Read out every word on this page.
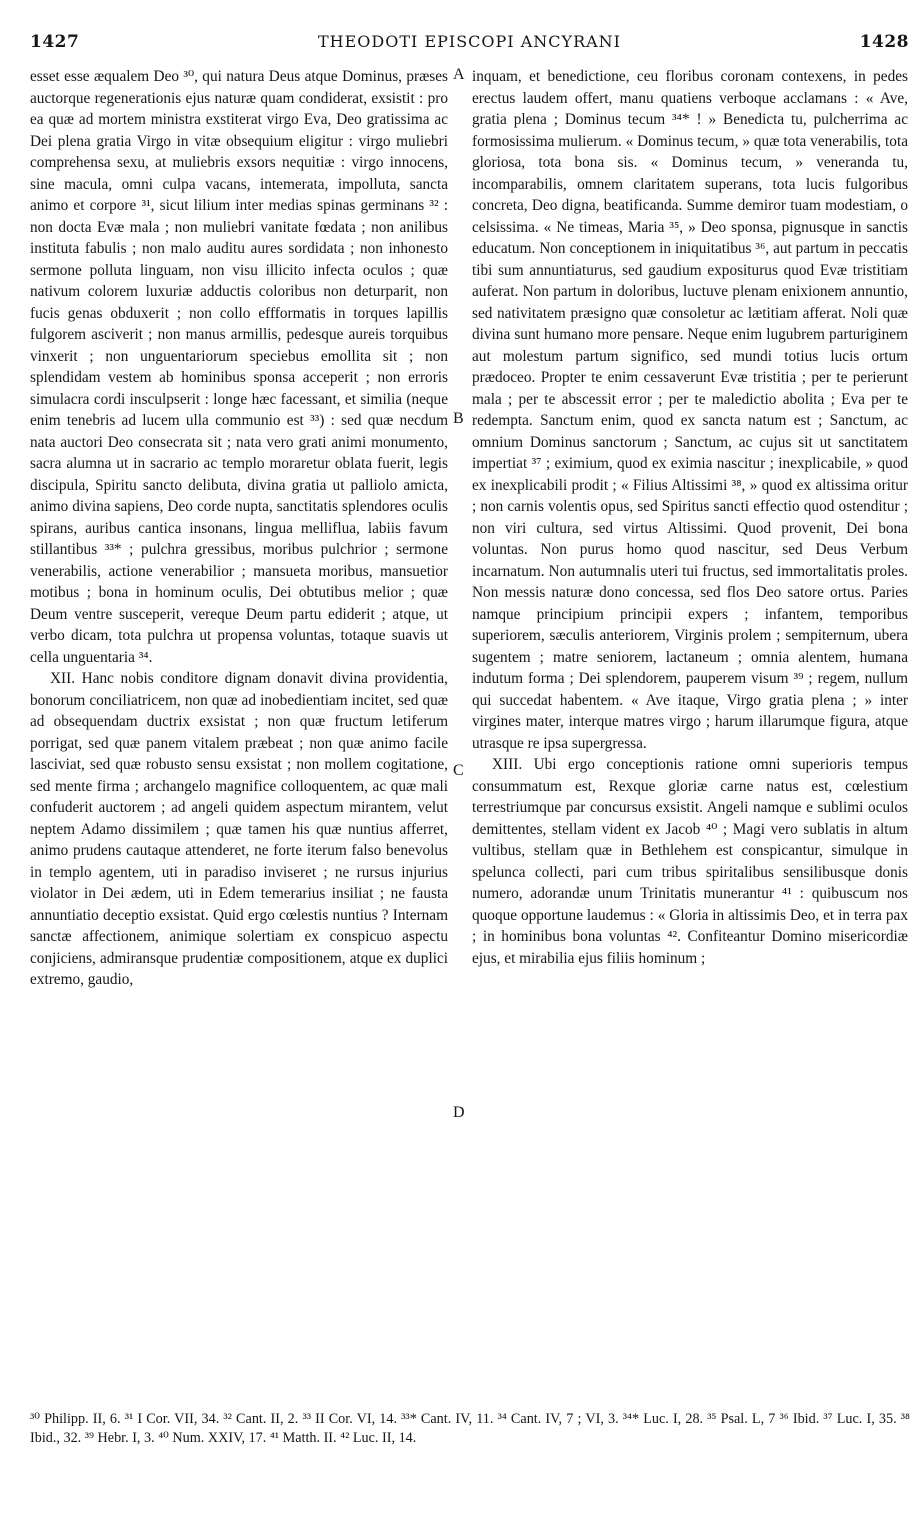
1427	THEODOTI EPISCOPI ANCYRANI	1428

esset esse æqualem Deo ³⁰, qui natura Deus atque Dominus, præses auctorque regenerationis ejus naturæ quam condiderat, exsistit : pro ea quæ ad mortem ministra exstiterat virgo Eva, Deo gratissima ac Dei plena gratia Virgo in vitæ obsequium eligitur : virgo muliebri comprehensa sexu, at muliebris exsors nequitiæ : virgo innocens, sine macula, omni culpa vacans, intemerata, impolluta, sancta animo et corpore ³¹, sicut lilium inter medias spinas germinans ³² : non docta Evæ mala ; non muliebri vanitate fœdata ; non anilibus instituta fabulis ; non malo auditu aures sordidata ; non inhonesto sermone polluta linguam, non visu illicito infecta oculos ; quæ nativum colorem luxuriæ adductis coloribus non deturparit, non fucis genas obduxerit ; non collo effformatis in torques lapillis fulgorem asciverit ; non manus armillis, pedesque aureis torquibus vinxerit ; non unguentariorum speciebus emollita sit ; non splendidam vestem ab hominibus sponsa acceperit ; non erroris simulacra cordi insculpserit : longe hæc facessant, et similia (neque enim tenebris ad lucem ulla communio est ³³) : sed quæ necdum nata auctori Deo consecrata sit ; nata vero grati animi monumento, sacra alumna ut in sacrario ac templo moraretur oblata fuerit, legis discipula, Spiritu sancto delibuta, divina gratia ut palliolo amicta, animo divina sapiens, Deo corde nupta, sanctitatis splendores oculis spirans, auribus cantica insonans, lingua melliflua, labiis favum stillantibus ³³* ; pulchra gressibus, moribus pulchrior ; sermone venerabilis, actione venerabilior ; mansueta moribus, mansuetior motibus ; bona in hominum oculis, Dei obtutibus melior ; quæ Deum ventre susceperit, vereque Deum partu ediderit ; atque, ut verbo dicam, tota pulchra ut propensa voluntas, totaque suavis ut cella unguentaria ³⁴.

XII. Hanc nobis conditore dignam donavit divina providentia, bonorum conciliatricem, non quæ ad inobedientiam incitet, sed quæ ad obsequendam ductrix exsistat ; non quæ fructum letiferum porrigat, sed quæ panem vitalem præbeat ; non quæ animo facile lasciviat, sed quæ robusto sensu exsistat ; non mollem cogitatione, sed mente firma ; archangelo magnifice colloquentem, ac quæ mali confuderit auctorem ; ad angeli quidem aspectum mirantem, velut neptem Adamo dissimilem ; quæ tamen his quæ nuntius afferret, animo prudens cautaque attenderet, ne forte iterum falso benevolus in templo agentem, uti in paradiso inviseret ; ne rursus injurius violator in Dei ædem, uti in Edem temerarius insiliat ; ne fausta annuntiatio deceptio exsistat. Quid ergo cœlestis nuntius ? Internam sanctæ affectionem, animique solertiam ex conspicuo aspectu conjiciens, admiransque prudentiæ compositionem, atque ex duplici extremo, gaudio,

A
B
C
D

inquam, et benedictione, ceu floribus coronam contexens, in pedes erectus laudem offert, manu quatiens verboque acclamans : « Ave, gratia plena ; Dominus tecum ³⁴* ! » Benedicta tu, pulcherrima ac formosissima mulierum. « Dominus tecum, » quæ tota venerabilis, tota gloriosa, tota bona sis. « Dominus tecum, » veneranda tu, incomparabilis, omnem claritatem superans, tota lucis fulgoribus concreta, Deo digna, beatificanda. Summe demiror tuam modestiam, o celsissima. « Ne timeas, Maria ³⁵, » Deo sponsa, pignusque in sanctis educatum. Non conceptionem in iniquitatibus ³⁶, aut partum in peccatis tibi sum annuntiaturus, sed gaudium expositurus quod Evæ tristitiam auferat. Non partum in doloribus, luctuve plenam enixionem annuntio, sed nativitatem præsigno quæ consoletur ac lætitiam afferat. Noli quæ divina sunt humano more pensare. Neque enim lugubrem parturiginem aut molestum partum significo, sed mundi totius lucis ortum prædoceo. Propter te enim cessaverunt Evæ tristitia ; per te perierunt mala ; per te abscessit error ; per te maledictio abolita ; Eva per te redempta. Sanctum enim, quod ex sancta natum est ; Sanctum, ac omnium Dominus sanctorum ; Sanctum, ac cujus sit ut sanctitatem impertiat ³⁷ ; eximium, quod ex eximia nascitur ; inexplicabile, » quod ex inexplicabili prodit ; « Filius Altissimi ³⁸, » quod ex altissima oritur ; non carnis volentis opus, sed Spiritus sancti effectio quod ostenditur ; non viri cultura, sed virtus Altissimi. Quod provenit, Dei bona voluntas. Non purus homo quod nascitur, sed Deus Verbum incarnatum. Non autumnalis uteri tui fructus, sed immortalitatis proles. Non messis naturæ dono concessa, sed flos Deo satore ortus. Paries namque principium principii expers ; infantem, temporibus superiorem, sæculis anteriorem, Virginis prolem ; sempiternum, ubera sugentem ; matre seniorem, lactaneum ; omnia alentem, humana indutum forma ; Dei splendorem, pauperem visum ³⁹ ; regem, nullum qui succedat habentem. « Ave itaque, Virgo gratia plena ; » inter virgines mater, interque matres virgo ; harum illarumque figura, atque utrasque re ipsa supergressa.

XIII. Ubi ergo conceptionis ratione omni superioris tempus consummatum est, Rexque gloriæ carne natus est, cœlestium terrestriumque par concursus exsistit. Angeli namque e sublimi oculos demittentes, stellam vident ex Jacob ⁴⁰ ; Magi vero sublatis in altum vultibus, stellam quæ in Bethlehem est conspicantur, simulque in spelunca collecti, pari cum tribus spiritalibus sensilibusque donis numero, adorandæ unum Trinitatis munerantur ⁴¹ : quibuscum nos quoque opportune laudemus : « Gloria in altissimis Deo, et in terra pax ; in hominibus bona voluntas ⁴². Confiteantur Domino misericordiæ ejus, et mirabilia ejus filiis hominum ;

³⁰ Philipp. II, 6. ³¹ I Cor. VII, 34. ³² Cant. II, 2. ³³ II Cor. VI, 14. ³³* Cant. IV, 11. ³⁴ Cant. IV, 7 ; VI, 3. ³⁴* Luc. I, 28. ³⁵ Psal. L, 7 ³⁶ Ibid. ³⁷ Luc. I, 35. ³⁸ Ibid., 32. ³⁹ Hebr. I, 3. ⁴⁰ Num. XXIV, 17. ⁴¹ Matth. II. ⁴² Luc. II, 14.
